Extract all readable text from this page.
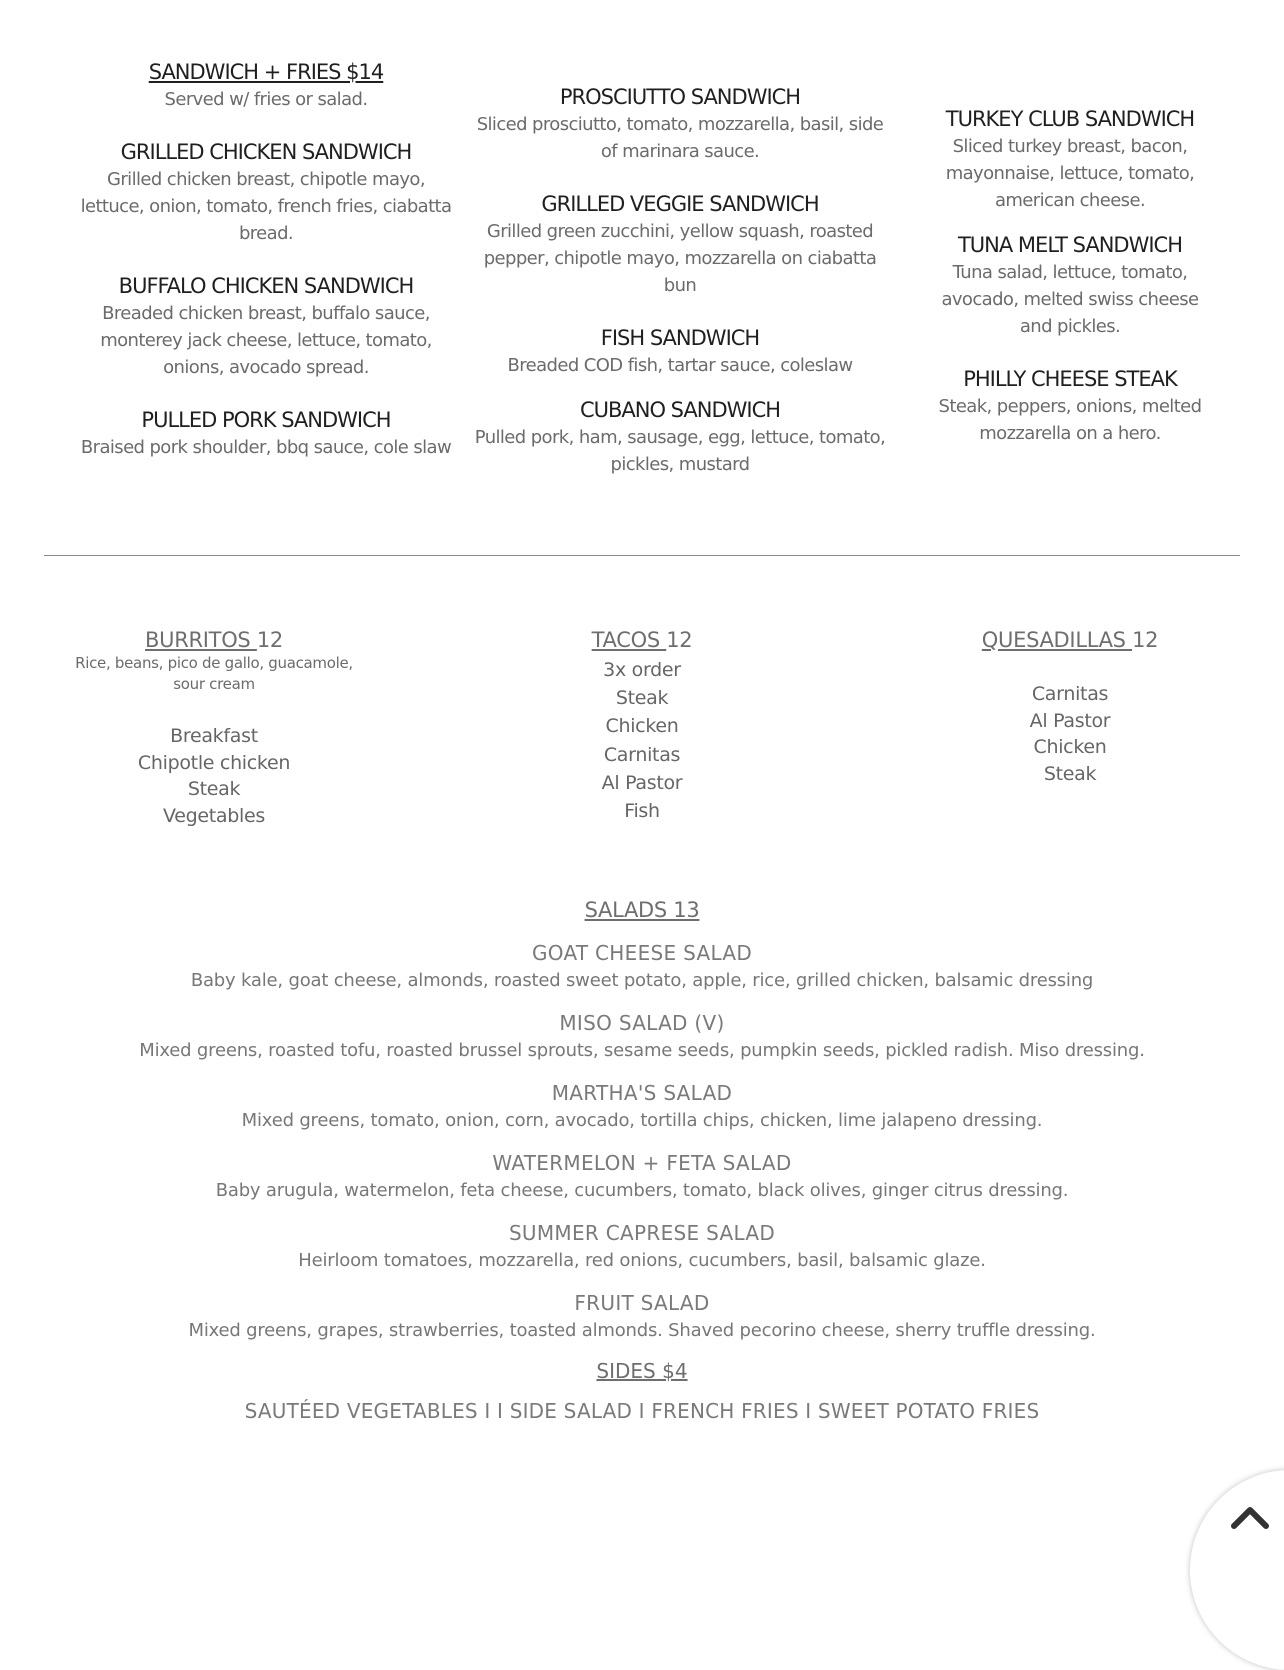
SANDWICH + FRIES $14

Served w/ fries or salad.

GRILLED CHICKEN SANDWICH

Grilled chicken breast, chipotle mayo, lettuce, onion, tomato, french fries, ciabatta bread.

BUFFALO CHICKEN SANDWICH

Breaded chicken breast, buffalo sauce, monterey jack cheese, lettuce, tomato, onions, avocado spread.

PULLED PORK SANDWICH

Braised pork shoulder, bbq sauce, cole slaw

PROSCIUTTO SANDWICH

Sliced prosciutto, tomato, mozzarella, basil, side of marinara sauce.

GRILLED VEGGIE SANDWICH

Grilled green zucchini, yellow squash, roasted pepper, chipotle mayo, mozzarella on ciabatta bun

FISH SANDWICH

Breaded COD fish, tartar sauce, coleslaw

CUBANO SANDWICH

Pulled pork, ham, sausage, egg, lettuce, tomato, pickles, mustard

TURKEY CLUB SANDWICH

Sliced turkey breast, bacon, mayonnaise, lettuce, tomato, american cheese.

TUNA MELT SANDWICH

Tuna salad, lettuce, tomato, avocado, melted swiss cheese and pickles.

PHILLY CHEESE STEAK

Steak, peppers, onions, melted mozzarella on a hero.

BURRITOS 12

Rice, beans, pico de gallo, guacamole, sour cream

Breakfast
Chipotle chicken
Steak
Vegetables

TACOS 12

3x order
Steak
Chicken
Carnitas
Al Pastor
Fish

QUESADILLAS 12

Carnitas
Al Pastor
Chicken
Steak
SALADS 13
GOAT CHEESE SALAD
Baby kale, goat cheese, almonds, roasted sweet potato, apple, rice, grilled chicken, balsamic dressing
MISO SALAD (V)
Mixed greens, roasted tofu, roasted brussel sprouts, sesame seeds, pumpkin seeds, pickled radish. Miso dressing.
MARTHA'S SALAD
Mixed greens, tomato, onion, corn, avocado, tortilla chips, chicken, lime jalapeno dressing.
WATERMELON + FETA SALAD
Baby arugula, watermelon, feta cheese, cucumbers, tomato, black olives, ginger citrus dressing.
SUMMER CAPRESE SALAD
Heirloom tomatoes, mozzarella, red onions, cucumbers, basil, balsamic glaze.
FRUIT SALAD
Mixed greens, grapes, strawberries, toasted almonds. Shaved pecorino cheese, sherry truffle dressing.
SIDES $4
SAUTÉED VEGETABLES I I SIDE SALAD I FRENCH FRIES I SWEET POTATO FRIES
